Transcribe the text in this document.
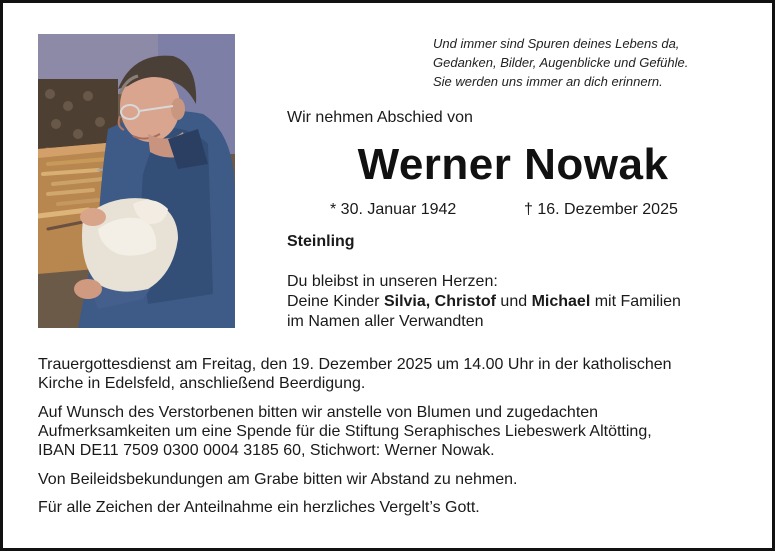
Und immer sind Spuren deines Lebens da,
Gedanken, Bilder, Augenblicke und Gefühle.
Sie werden uns immer an dich erinnern.
Wir nehmen Abschied von
Werner Nowak
* 30. Januar 1942	† 16. Dezember 2025
Steinling
Du bleibst in unseren Herzen:
Deine Kinder Silvia, Christof und Michael mit Familien
im Namen aller Verwandten
Trauergottesdienst am Freitag, den 19. Dezember 2025 um 14.00 Uhr in der katholischen
Kirche in Edelsfeld, anschließend Beerdigung.
Auf Wunsch des Verstorbenen bitten wir anstelle von Blumen und zugedachten
Aufmerksamkeiten um eine Spende für die Stiftung Seraphisches Liebeswerk Altötting,
IBAN DE11 7509 0300 0004 3185 60, Stichwort: Werner Nowak.
Von Beileidsbekundungen am Grabe bitten wir Abstand zu nehmen.
Für alle Zeichen der Anteilnahme ein herzliches Vergelt’s Gott.
